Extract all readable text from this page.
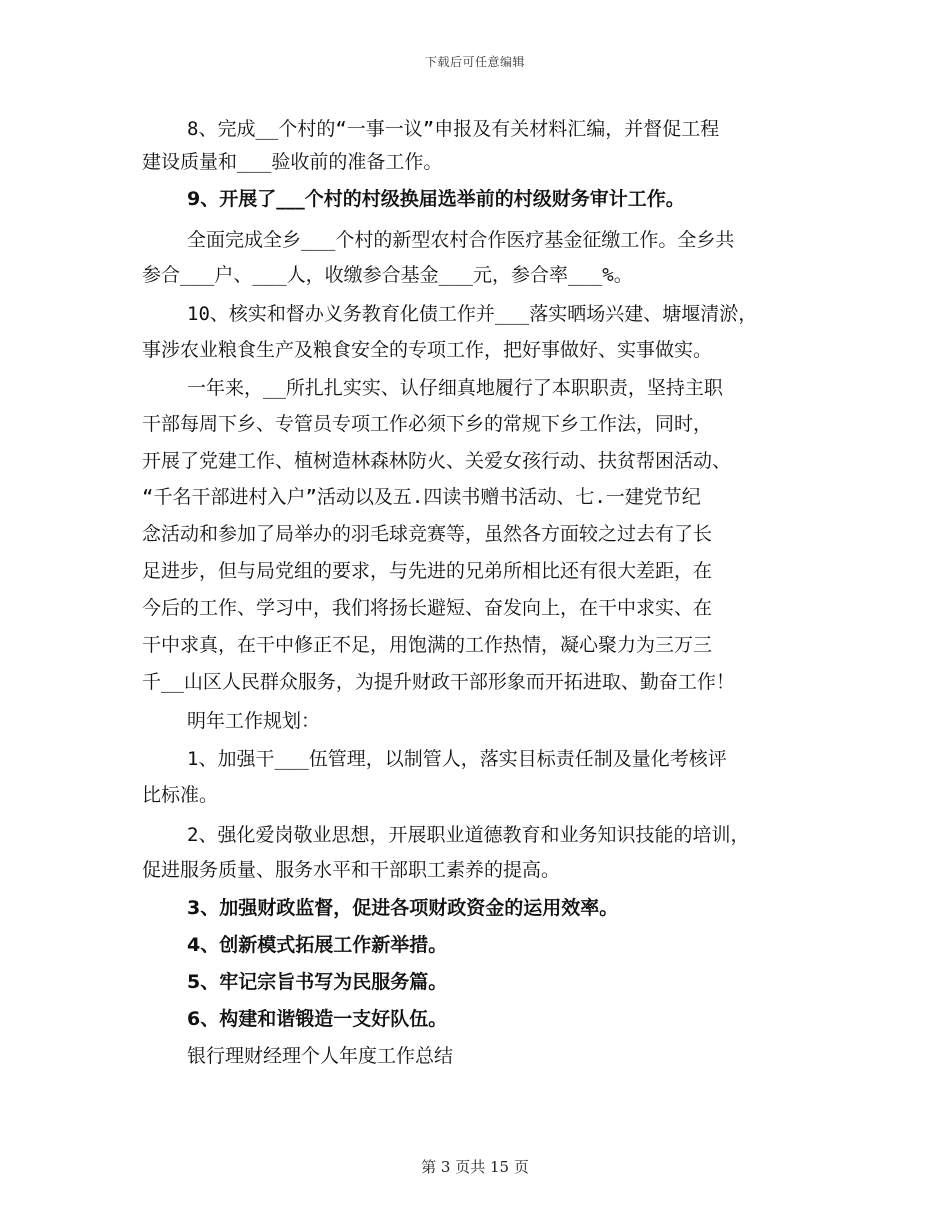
下载后可任意编辑
8、完成__个村的“一事一议”申报及有关材料汇编，并督促工程
建设质量和___验收前的准备工作。
9、开展了___个村的村级换届选举前的村级财务审计工作。
全面完成全乡___个村的新型农村合作医疗基金征缴工作。全乡共
参合___户、___人，收缴参合基金___元，参合率___%。
10、核实和督办义务教育化债工作并___落实晒场兴建、塘堰清淤，
事涉农业粮食生产及粮食安全的专项工作，把好事做好、实事做实。
一年来，__所扎扎实实、认仔细真地履行了本职职责，坚持主职
干部每周下乡、专管员专项工作必须下乡的常规下乡工作法，同时，
开展了党建工作、植树造林森林防火、关爱女孩行动、扶贫帮困活动、
“千名干部进村入户”活动以及五.四读书赠书活动、七.一建党节纪
念活动和参加了局举办的羽毛球竞赛等，虽然各方面较之过去有了长
足进步，但与局党组的要求，与先进的兄弟所相比还有很大差距，在
今后的工作、学习中，我们将扬长避短、奋发向上，在干中求实、在
干中求真，在干中修正不足，用饱满的工作热情，凝心聚力为三万三
千__山区人民群众服务，为提升财政干部形象而开拓进取、勤奋工作！
明年工作规划：
1、加强干___伍管理，以制管人，落实目标责任制及量化考核评
比标准。
2、强化爱岗敬业思想，开展职业道德教育和业务知识技能的培训，
促进服务质量、服务水平和干部职工素养的提高。
3、加强财政监督，促进各项财政资金的运用效率。
4、创新模式拓展工作新举措。
5、牢记宗旨书写为民服务篇。
6、构建和谐锻造一支好队伍。
银行理财经理个人年度工作总结
第 3 页共 15 页
